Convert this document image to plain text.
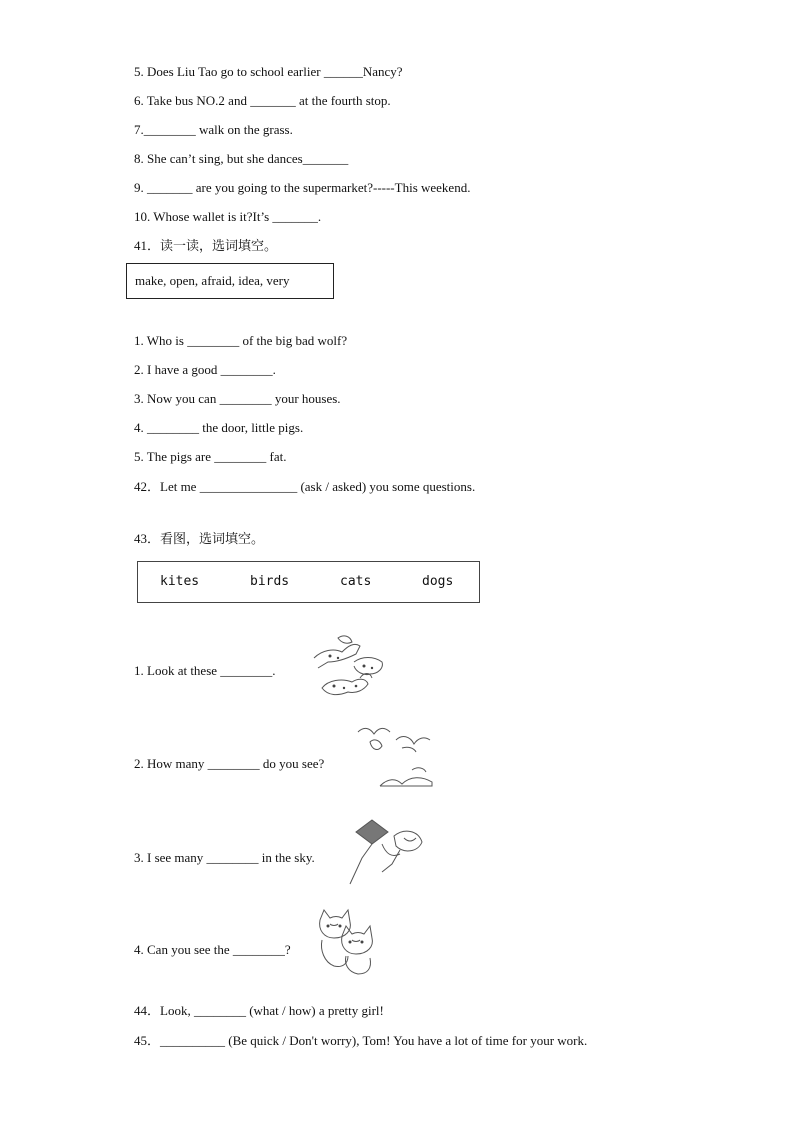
5. Does Liu Tao go to school earlier ______Nancy?
6. Take bus NO.2 and _______ at the fourth stop.
7.________ walk on the grass.
8. She can’t sing, but she dances_______
9. _______ are you going to the supermarket?-----This weekend.
10. Whose wallet is it?It’s _______.
41．读一读，选词填空。
make, open, afraid, idea, very
1. Who is ________ of the big bad wolf?
2. I have a good ________.
3. Now you can ________ your houses.
4. ________ the door, little pigs.
5. The pigs are ________ fat.
42．Let me _______________ (ask / asked) you some questions.
43．看图，选词填空。
kites	birds	cats	dogs
1. Look at these ________.
2. How many ________ do you see?
3. I see many ________ in the sky.
4. Can you see the ________?
44．Look, ________ (what / how) a pretty girl!
45．__________ (Be quick / Don't worry), Tom! You have a lot of time for your work.
